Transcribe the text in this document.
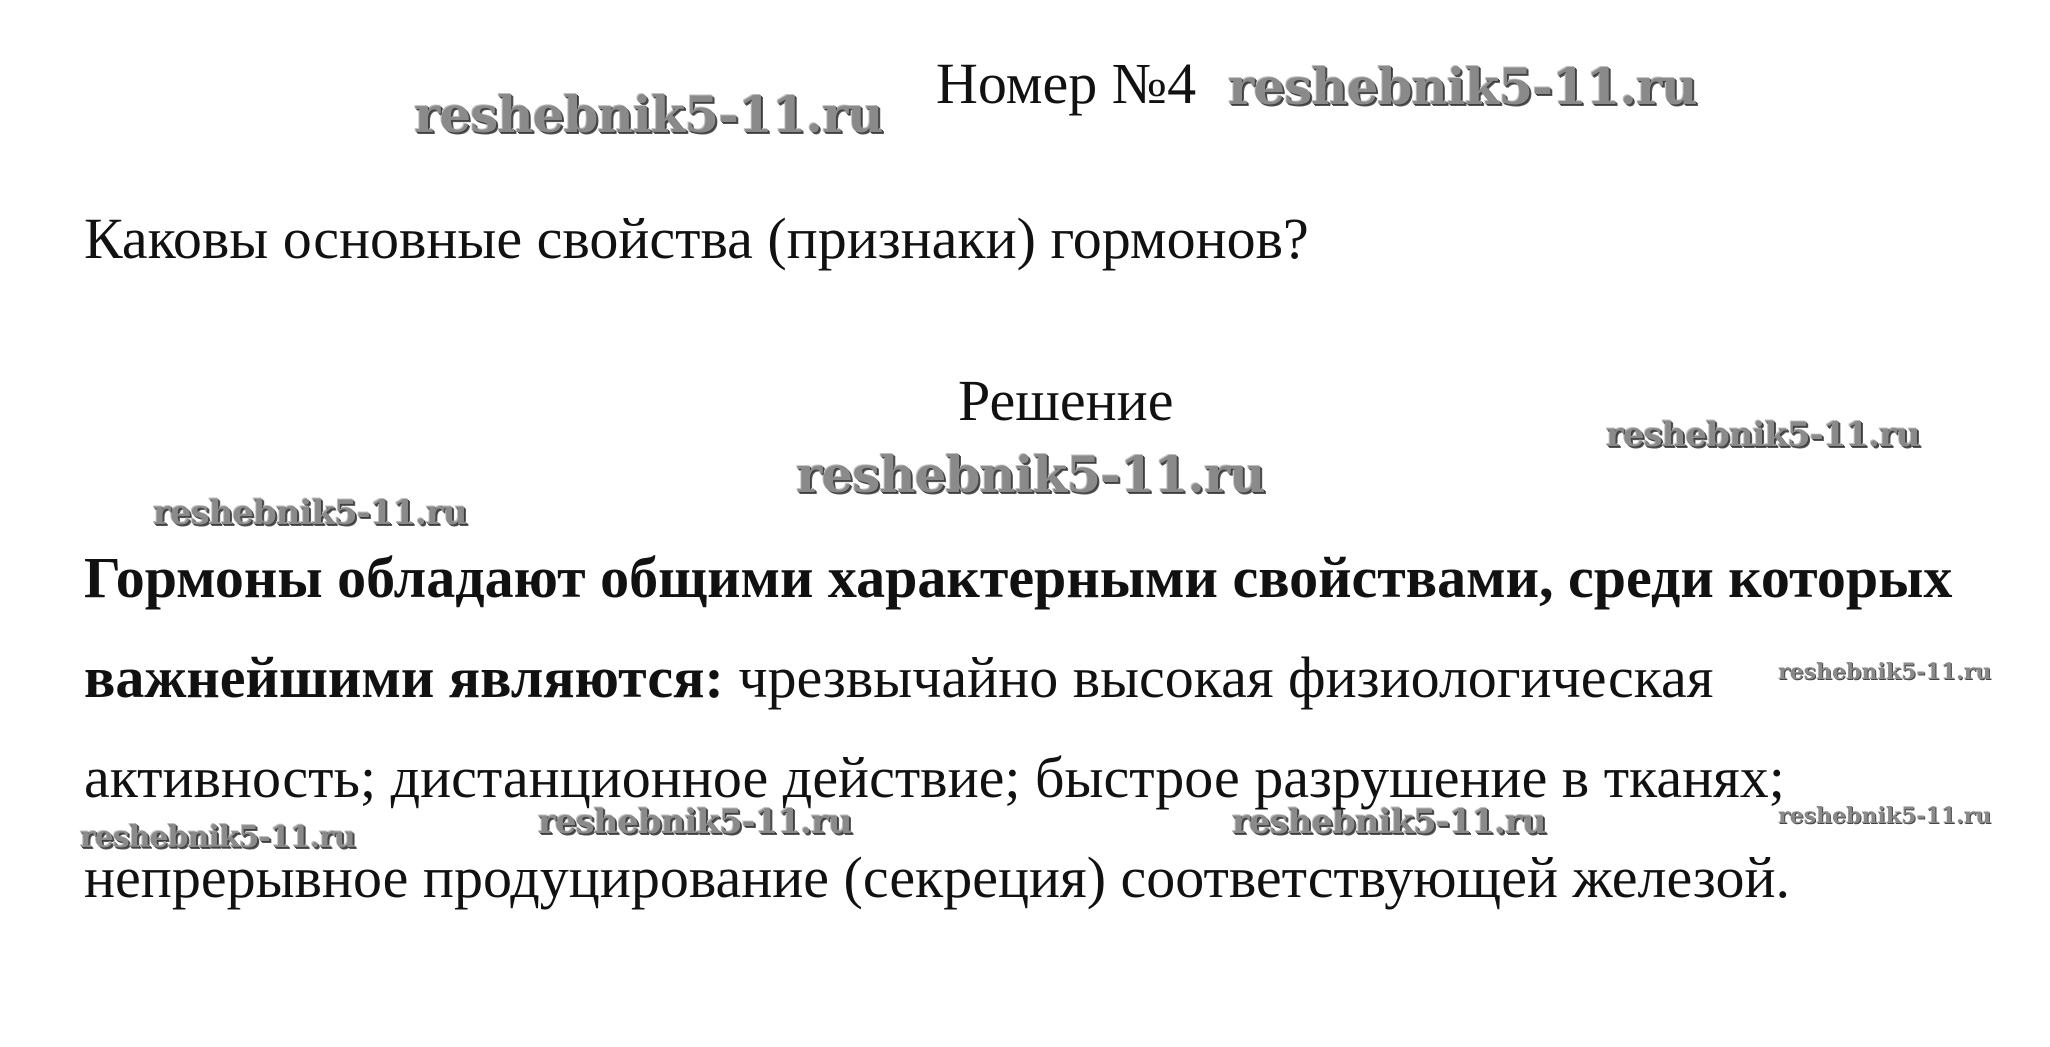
reshebnik5-11.ru	reshebnik5-11.ru
reshebnik5-11.ru
reshebnik5-11.ru
reshebnik5-11.ru
reshebnik5-11.ru
reshebnik5-11.ru	reshebnik5-11.ru	reshebnik5-11.ru	reshebnik5-11.ru
Номер №4
Каковы основные свойства (признаки) гормонов?
Решение
Гормоны обладают общими характерными свойствами, среди которых
важнейшими являются: чрезвычайно высокая физиологическая
активность; дистанционное действие; быстрое разрушение в тканях;
непрерывное продуцирование (секреция) соответствующей железой.
